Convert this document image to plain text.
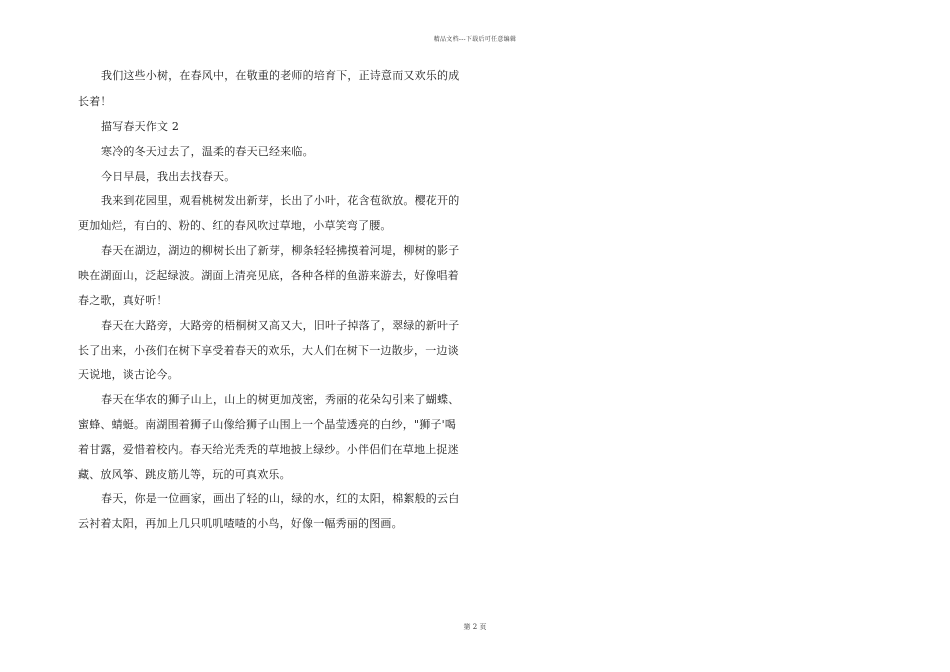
精品文档---下载后可任意编辑
我们这些小树，在春风中，在敬重的老师的培育下，正诗意而又欢乐的成
长着！
描写春天作文 2
寒冷的冬天过去了，温柔的春天已经来临。
今日早晨，我出去找春天。
我来到花园里，观看桃树发出新芽，长出了小叶，花含苞欲放。樱花开的
更加灿烂，有白的、粉的、红的春风吹过草地，小草笑弯了腰。
春天在湖边，湖边的柳树长出了新芽，柳条轻轻拂摸着河堤，柳树的影子
映在湖面山，泛起绿波。湖面上清亮见底，各种各样的鱼游来游去，好像唱着
春之歌，真好听！
春天在大路旁，大路旁的梧桐树又高又大，旧叶子掉落了，翠绿的新叶子
长了出来，小孩们在树下享受着春天的欢乐，大人们在树下一边散步，一边谈
天说地，谈古论今。
春天在华农的狮子山上，山上的树更加茂密，秀丽的花朵勾引来了蝴蝶、
蜜蜂、蜻蜓。南湖围着狮子山像给狮子山围上一个晶莹透亮的白纱，"狮子'喝
着甘露，爱惜着校内。春天给光秃秃的草地披上绿纱。小伴侣们在草地上捉迷
藏、放风筝、跳皮筋儿等，玩的可真欢乐。
春天，你是一位画家，画出了轻的山，绿的水，红的太阳，棉絮般的云白
云衬着太阳，再加上几只叽叽喳喳的小鸟，好像一幅秀丽的图画。
第 2 页
